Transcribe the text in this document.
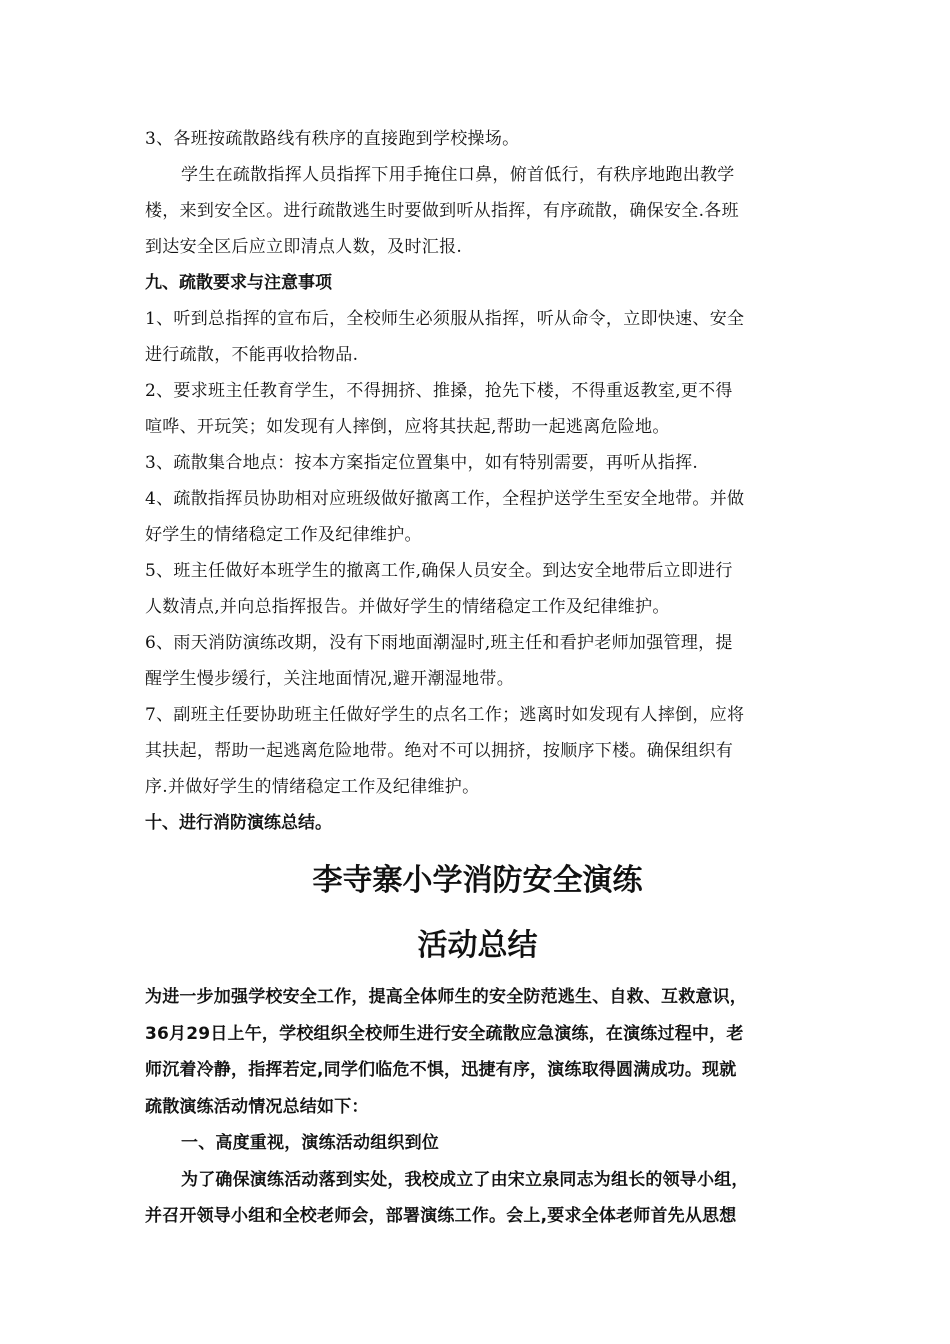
3、各班按疏散路线有秩序的直接跑到学校操场。
学生在疏散指挥人员指挥下用手掩住口鼻，俯首低行，有秩序地跑出教学
楼，来到安全区。进行疏散逃生时要做到听从指挥，有序疏散，确保安全.各班
到达安全区后应立即清点人数，及时汇报.
九、疏散要求与注意事项
1、听到总指挥的宣布后，全校师生必须服从指挥，听从命令，立即快速、安全
进行疏散，不能再收拾物品.
2、要求班主任教育学生，不得拥挤、推搡，抢先下楼，不得重返教室,更不得
喧哗、开玩笑；如发现有人摔倒，应将其扶起,帮助一起逃离危险地。
3、疏散集合地点：按本方案指定位置集中，如有特别需要，再听从指挥.
4、疏散指挥员协助相对应班级做好撤离工作，全程护送学生至安全地带。并做
好学生的情绪稳定工作及纪律维护。
5、班主任做好本班学生的撤离工作,确保人员安全。到达安全地带后立即进行
人数清点,并向总指挥报告。并做好学生的情绪稳定工作及纪律维护。
6、雨天消防演练改期，没有下雨地面潮湿时,班主任和看护老师加强管理，提
醒学生慢步缓行，关注地面情况,避开潮湿地带。
7、副班主任要协助班主任做好学生的点名工作；逃离时如发现有人摔倒，应将
其扶起，帮助一起逃离危险地带。绝对不可以拥挤，按顺序下楼。确保组织有
序.并做好学生的情绪稳定工作及纪律维护。
十、进行消防演练总结。
李寺寨小学消防安全演练
活动总结
为进一步加强学校安全工作，提高全体师生的安全防范逃生、自救、互救意识，
36月29日上午，学校组织全校师生进行安全疏散应急演练，在演练过程中，老
师沉着冷静，指挥若定,同学们临危不惧，迅捷有序，演练取得圆满成功。现就
疏散演练活动情况总结如下：
一、高度重视，演练活动组织到位
为了确保演练活动落到实处，我校成立了由宋立泉同志为组长的领导小组，
并召开领导小组和全校老师会，部署演练工作。会上,要求全体老师首先从思想
